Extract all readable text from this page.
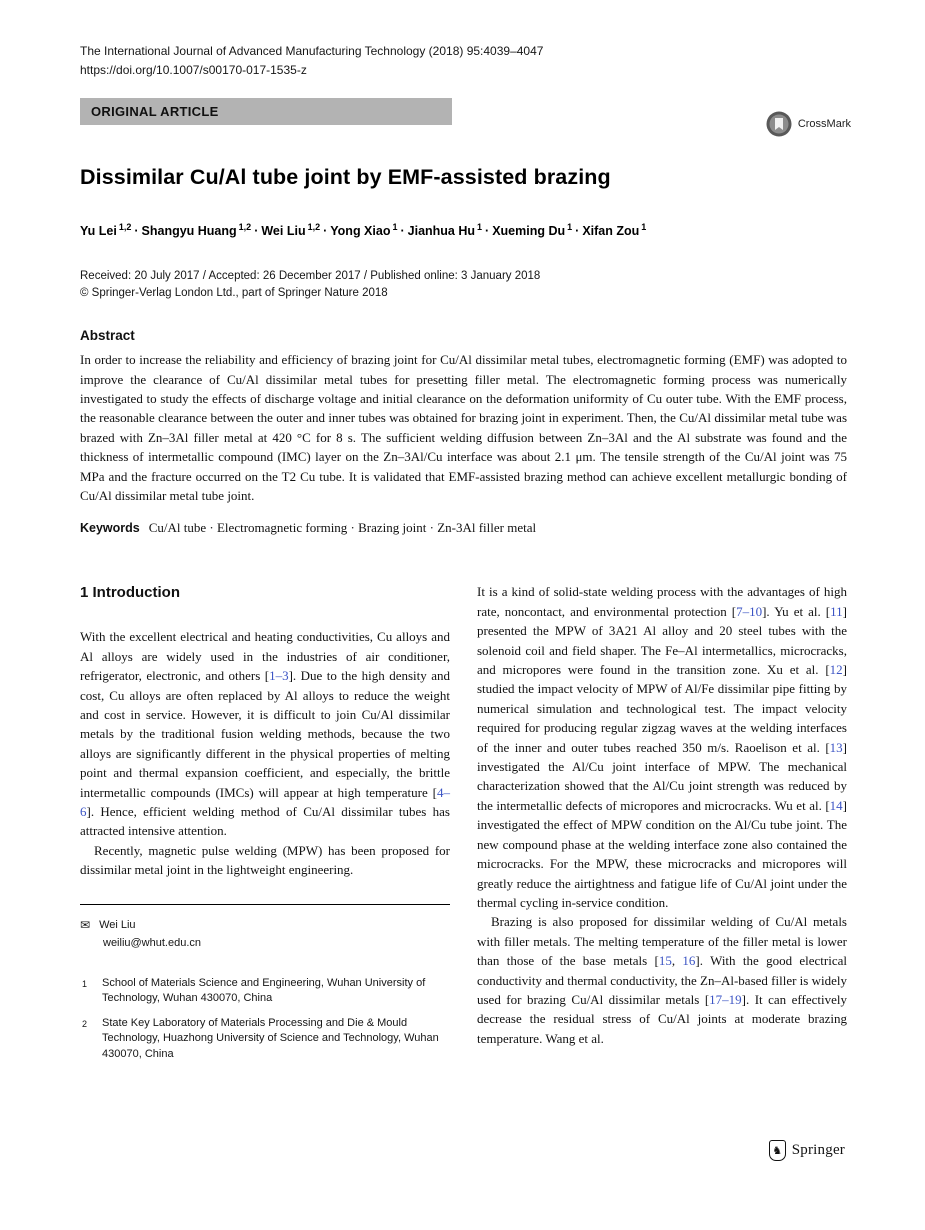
The International Journal of Advanced Manufacturing Technology (2018) 95:4039–4047
https://doi.org/10.1007/s00170-017-1535-z
ORIGINAL ARTICLE
CrossMark
Dissimilar Cu/Al tube joint by EMF-assisted brazing
Yu Lei $^{1,2}$ · Shangyu Huang $^{1,2}$ · Wei Liu $^{1,2}$ · Yong Xiao $^1$ · Jianhua Hu $^1$ · Xueming Du $^1$ · Xifan Zou $^1$
Received: 20 July 2017 / Accepted: 26 December 2017 / Published online: 3 January 2018
© Springer-Verlag London Ltd., part of Springer Nature 2018
Abstract
In order to increase the reliability and efficiency of brazing joint for Cu/Al dissimilar metal tubes, electromagnetic forming (EMF) was adopted to improve the clearance of Cu/Al dissimilar metal tubes for presetting filler metal. The electromagnetic forming process was numerically investigated to study the effects of discharge voltage and initial clearance on the deformation uniformity of Cu outer tube. With the EMF process, the reasonable clearance between the outer and inner tubes was obtained for brazing joint in experiment. Then, the Cu/Al dissimilar metal tube was brazed with Zn–3Al filler metal at 420 °C for 8 s. The sufficient welding diffusion between Zn–3Al and the Al substrate was found and the thickness of intermetallic compound (IMC) layer on the Zn–3Al/Cu interface was about 2.1 μm. The tensile strength of the Cu/Al joint was 75 MPa and the fracture occurred on the T2 Cu tube. It is validated that EMF-assisted brazing method can achieve excellent metallurgic bonding of Cu/Al dissimilar metal tube joint.
Keywords Cu/Al tube · Electromagnetic forming · Brazing joint · Zn-3Al filler metal
1 Introduction

With the excellent electrical and heating conductivities, Cu alloys and Al alloys are widely used in the industries of air conditioner, refrigerator, electronic, and others [1–3]. Due to the high density and cost, Cu alloys are often replaced by Al alloys to reduce the weight and cost in service. However, it is difficult to join Cu/Al dissimilar metals by the traditional fusion welding methods, because the two alloys are significantly different in the physical properties of melting point and thermal expansion coefficient, and especially, the brittle intermetallic compounds (IMCs) will appear at high temperature [4–6]. Hence, efficient welding method of Cu/Al dissimilar tubes has attracted intensive attention.

Recently, magnetic pulse welding (MPW) has been proposed for dissimilar metal joint in the lightweight engineering.

✉ Wei Liu
weiliu@whut.edu.cn
1	School of Materials Science and Engineering, Wuhan University of Technology, Wuhan 430070, China
2	State Key Laboratory of Materials Processing and Die & Mould Technology, Huazhong University of Science and Technology, Wuhan 430070, China

It is a kind of solid-state welding process with the advantages of high rate, noncontact, and environmental protection [7–10]. Yu et al. [11] presented the MPW of 3A21 Al alloy and 20 steel tubes with the solenoid coil and field shaper. The Fe–Al intermetallics, microcracks, and micropores were found in the transition zone. Xu et al. [12] studied the impact velocity of MPW of Al/Fe dissimilar pipe fitting by numerical simulation and technological test. The impact velocity required for producing regular zigzag waves at the welding interfaces of the inner and outer tubes reached 350 m/s. Raoelison et al. [13] investigated the Al/Cu joint interface of MPW. The mechanical characterization showed that the Al/Cu joint strength was reduced by the intermetallic defects of micropores and microcracks. Wu et al. [14] investigated the effect of MPW condition on the Al/Cu tube joint. The new compound phase at the welding interface zone also contained the microcracks. For the MPW, these microcracks and micropores will greatly reduce the airtightness and fatigue life of Cu/Al joint under the thermal cycling in-service condition.

Brazing is also proposed for dissimilar welding of Cu/Al metals with filler metals. The melting temperature of the filler metal is lower than those of the base metals [15, 16]. With the good electrical conductivity and thermal conductivity, the Zn–Al-based filler is widely used for brazing Cu/Al dissimilar metals [17–19]. It can effectively decrease the residual stress of Cu/Al joints at moderate brazing temperature. Wang et al.

♞ Springer
